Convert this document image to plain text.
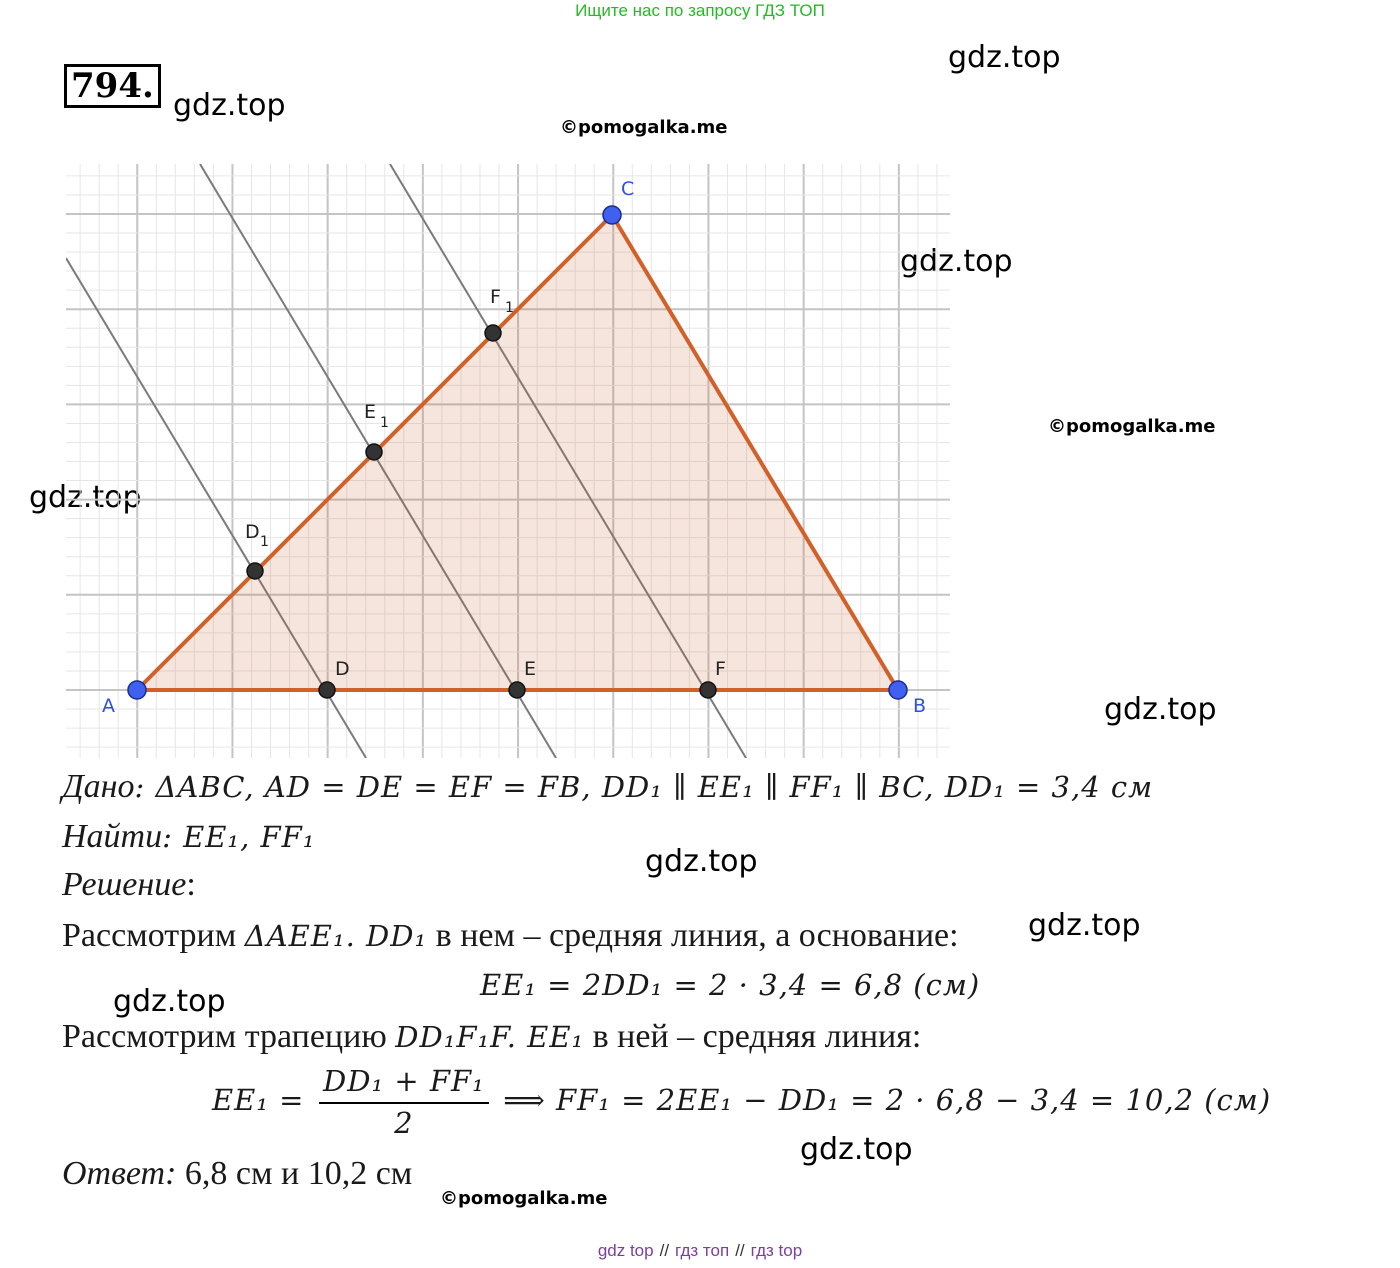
Ищите нас по запросу ГДЗ ТОП
794.
gdz.top
gdz.top
gdz.top
gdz.top
gdz.top
gdz.top
gdz.top
gdz.top
gdz.top
©pomogalka.me
©pomogalka.me
©pomogalka.me
A	B
C
D	E	F
D 1
E 1
F 1
Дано: ΔABC, AD = DE = EF = FB, DD₁ ∥ EE₁ ∥ FF₁ ∥ BC, DD₁ = 3,4 см
Найти: EE₁, FF₁
Решение:
Рассмотрим ΔAEE₁. DD₁ в нем – средняя линия, а основание:
EE₁ = 2DD₁ = 2 · 3,4 = 6,8 (см)
Рассмотрим трапецию DD₁F₁F. EE₁ в ней – средняя линия:
$EE_1 = \frac{\text{DD₁ + FF₁}}{2}$ ⟹ FF₁ = 2EE₁ − DD₁ = 2 · 6,8 − 3,4 = 10,2 (см)
Ответ: 6,8 см и 10,2 см
gdz top // гдз топ // гдз top
